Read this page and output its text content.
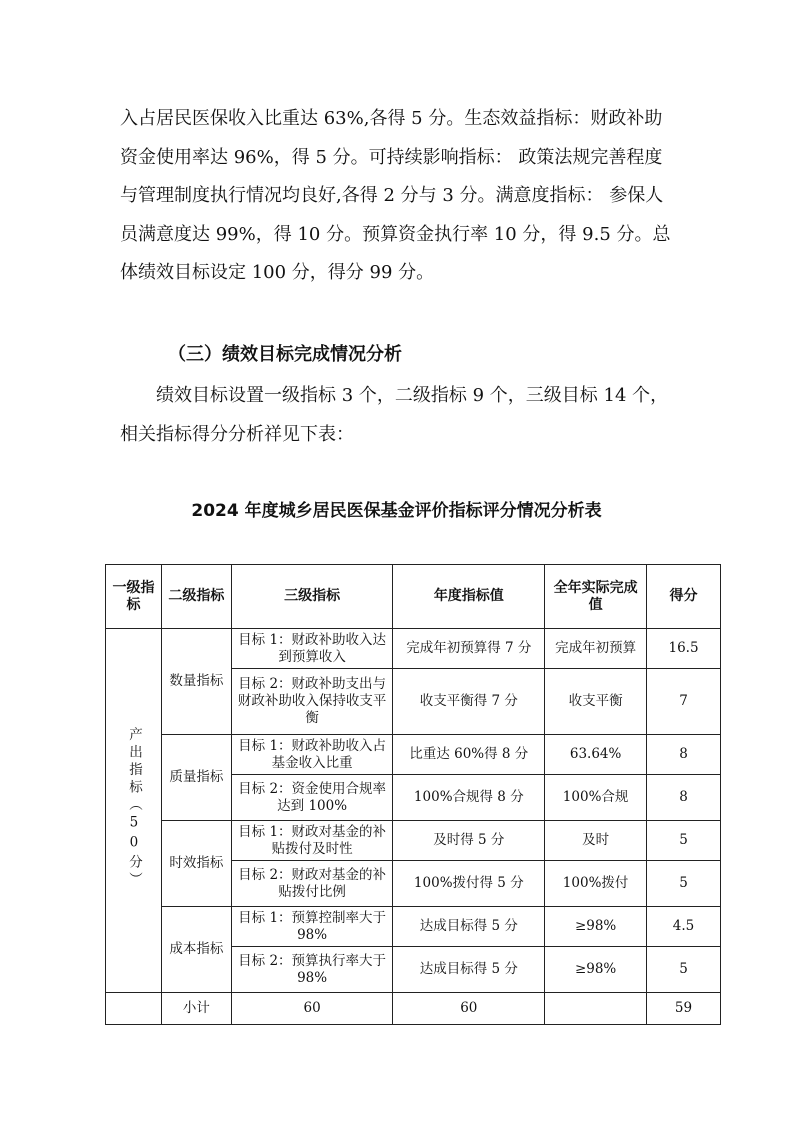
入占居民医保收入比重达 63%,各得 5 分。生态效益指标：财政补助资金使用率达 96%，得 5 分。可持续影响指标： 政策法规完善程度与管理制度执行情况均良好,各得 2 分与 3 分。满意度指标： 参保人员满意度达 99%，得 10 分。预算资金执行率 10 分，得 9.5 分。总体绩效目标设定 100 分，得分 99 分。
（三）绩效目标完成情况分析
绩效目标设置一级指标 3 个，二级指标 9 个，三级目标 14 个，相关指标得分分析祥见下表：
2024 年度城乡居民医保基金评价指标评分情况分析表
一级指标	二级指标	三级指标	年度指标值	全年实际完成值	得分
产出指标（50分）	数量指标	目标 1：财政补助收入达到预算收入	完成年初预算得 7 分	完成年初预算	16.5
		目标 2：财政补助支出与财政补助收入保持收支平衡	收支平衡得 7 分	收支平衡	7
	质量指标	目标 1：财政补助收入占基金收入比重	比重达 60%得 8 分	63.64%	8
		目标 2：资金使用合规率达到 100%	100%合规得 8 分	100%合规	8
	时效指标	目标 1：财政对基金的补贴拨付及时性	及时得 5 分	及时	5
		目标 2：财政对基金的补贴拨付比例	100%拨付得 5 分	100%拨付	5
	成本指标	目标 1：预算控制率大于 98%	达成目标得 5 分	≥98%	4.5
		目标 2：预算执行率大于 98%	达成目标得 5 分	≥98%	5
	小计	60	60		59
